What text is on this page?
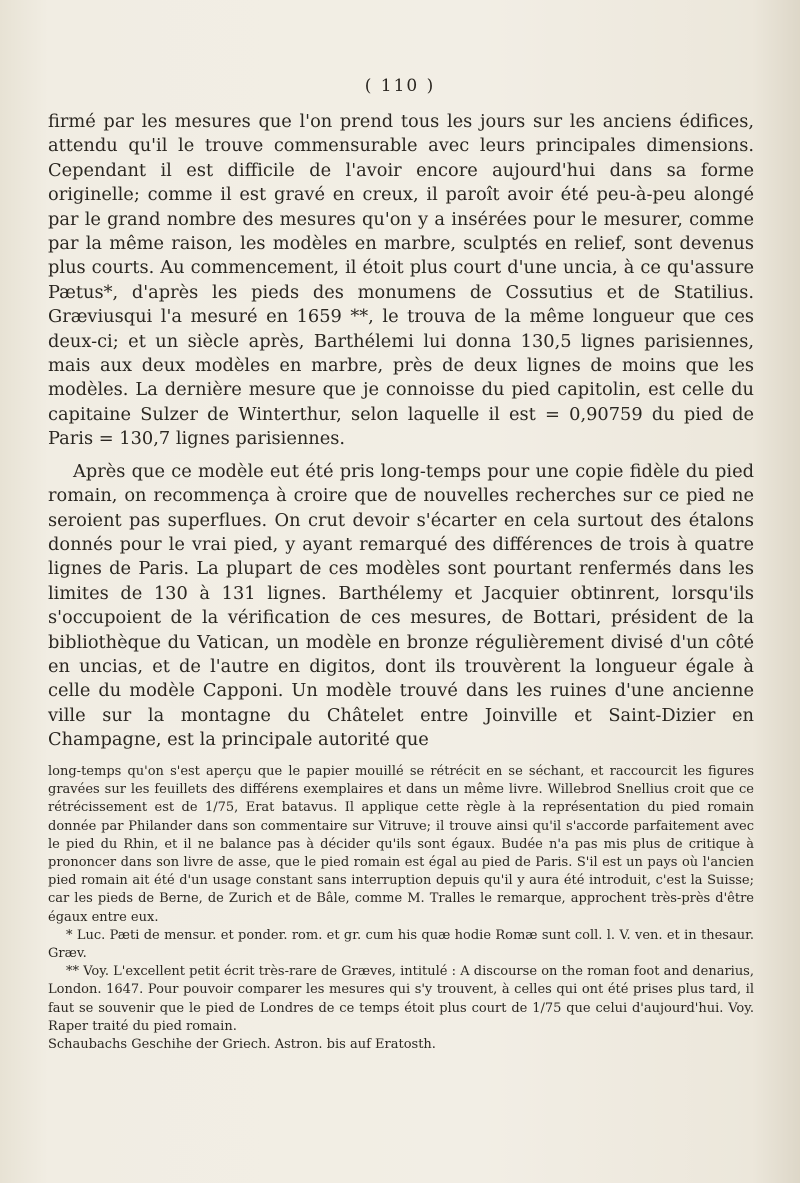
( 110 )

firmé par les mesures que l'on prend tous les jours sur les anciens édifices, attendu qu'il le trouve commensurable avec leurs principales dimensions. Cependant il est difficile de l'avoir encore aujourd'hui dans sa forme originelle; comme il est gravé en creux, il paroît avoir été peu-à-peu alongé par le grand nombre des mesures qu'on y a insérées pour le mesurer, comme par la même raison, les modèles en marbre, sculptés en relief, sont devenus plus courts. Au commencement, il étoit plus court d'une uncia, à ce qu'assure Pætus*, d'après les pieds des monumens de Cossutius et de Statilius. Græviusqui l'a mesuré en 1659 **, le trouva de la même longueur que ces deux-ci; et un siècle après, Barthélemi lui donna 130,5 lignes parisiennes, mais aux deux modèles en marbre, près de deux lignes de moins que les modèles. La dernière mesure que je connoisse du pied capitolin, est celle du capitaine Sulzer de Winterthur, selon laquelle il est = 0,90759 du pied de Paris = 130,7 lignes parisiennes.

Après que ce modèle eut été pris long-temps pour une copie fidèle du pied romain, on recommença à croire que de nouvelles recherches sur ce pied ne seroient pas superflues. On crut devoir s'écarter en cela surtout des étalons donnés pour le vrai pied, y ayant remarqué des différences de trois à quatre lignes de Paris. La plupart de ces modèles sont pourtant renfermés dans les limites de 130 à 131 lignes. Barthélemy et Jacquier obtinrent, lorsqu'ils s'occupoient de la vérification de ces mesures, de Bottari, président de la bibliothèque du Vatican, un modèle en bronze régulièrement divisé d'un côté en uncias, et de l'autre en digitos, dont ils trouvèrent la longueur égale à celle du modèle Capponi. Un modèle trouvé dans les ruines d'une ancienne ville sur la montagne du Châtelet entre Joinville et Saint-Dizier en Champagne, est la principale autorité que

long-temps qu'on s'est aperçu que le papier mouillé se rétrécit en se séchant, et raccourcit les figures gravées sur les feuillets des différens exemplaires et dans un même livre. Willebrod Snellius croit que ce rétrécissement est de 1/75, Erat batavus. Il applique cette règle à la représentation du pied romain donnée par Philander dans son commentaire sur Vitruve; il trouve ainsi qu'il s'accorde parfaitement avec le pied du Rhin, et il ne balance pas à décider qu'ils sont égaux. Budée n'a pas mis plus de critique à prononcer dans son livre de asse, que le pied romain est égal au pied de Paris. S'il est un pays où l'ancien pied romain ait été d'un usage constant sans interruption depuis qu'il y aura été introduit, c'est la Suisse; car les pieds de Berne, de Zurich et de Bâle, comme M. Tralles le remarque, approchent très-près d'être égaux entre eux.

* Luc. Pæti de mensur. et ponder. rom. et gr. cum his quæ hodie Romæ sunt coll. l. V. ven. et in thesaur. Græv.

** Voy. L'excellent petit écrit très-rare de Græves, intitulé : A discourse on the roman foot and denarius, London. 1647. Pour pouvoir comparer les mesures qui s'y trouvent, à celles qui ont été prises plus tard, il faut se souvenir que le pied de Londres de ce temps étoit plus court de 1/75 que celui d'aujourd'hui. Voy. Raper traité du pied romain.

Schaubachs Geschihe der Griech. Astron. bis auf Eratosth.
